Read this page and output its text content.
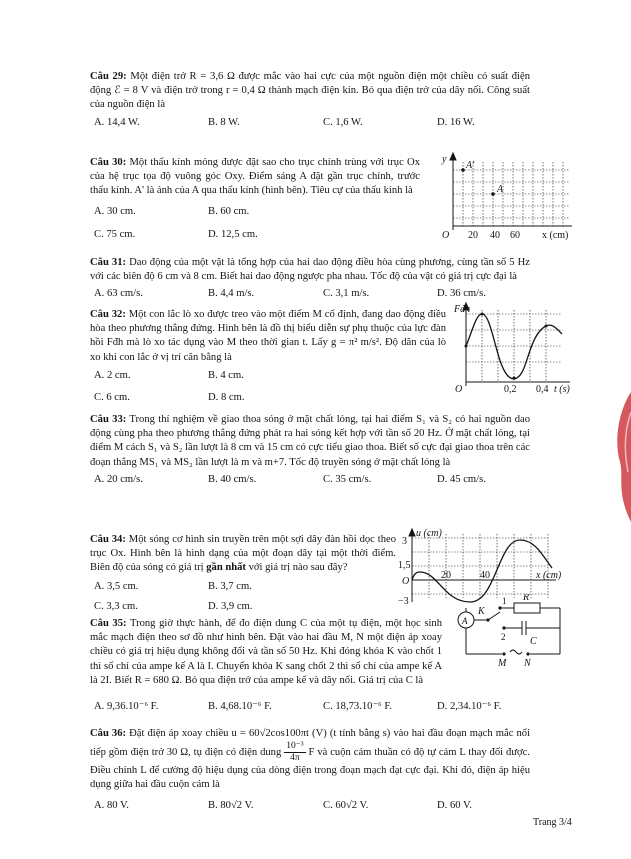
Câu 29: Một điện trở R = 3,6 Ω được mắc vào hai cực của một nguồn điện một chiều có suất điện động ℰ = 8 V và điện trở trong r = 0,4 Ω thành mạch điện kín. Bỏ qua điện trở của dây nối. Công suất của nguồn điện là

A. 14,4 W.	B. 8 W.	C. 1,6 W.	D. 16 W.

Câu 30: Một thấu kính mỏng được đặt sao cho trục chính trùng với trục Ox của hệ trục tọa độ vuông góc Oxy. Điểm sáng A đặt gần trục chính, trước thấu kính. A' là ảnh của A qua thấu kính (hình bên). Tiêu cự của thấu kính là

A. 30 cm.	B. 60 cm.
C. 75 cm.	D. 12,5 cm.
y
A'
A
O 20 40 60 x (cm)

Câu 31: Dao động của một vật là tổng hợp của hai dao động điều hòa cùng phương, cùng tần số 5 Hz với các biên độ 6 cm và 8 cm. Biết hai dao động ngược pha nhau. Tốc độ của vật có giá trị cực đại là

A. 63 cm/s.	B. 4,4 m/s.	C. 3,1 m/s.	D. 36 cm/s.

Câu 32: Một con lắc lò xo được treo vào một điểm M cố định, đang dao động điều hòa theo phương thẳng đứng. Hình bên là đồ thị biểu diễn sự phụ thuộc của lực đàn hồi Fđh mà lò xo tác dụng vào M theo thời gian t. Lấy g = π² m/s². Độ dãn của lò xo khi con lắc ở vị trí cân bằng là

A. 2 cm.	B. 4 cm.
C. 6 cm.	D. 8 cm.
Fđh
O	0,2 0,4 t (s)

Câu 33: Trong thí nghiệm về giao thoa sóng ở mặt chất lỏng, tại hai điểm S₁ và S₂ có hai nguồn dao động cùng pha theo phương thẳng đứng phát ra hai sóng kết hợp với tần số 20 Hz. Ở mặt chất lỏng, tại điểm M cách S₁ và S₂ lần lượt là 8 cm và 15 cm có cực tiểu giao thoa. Biết số cực đại giao thoa trên các đoạn thẳng MS₁ và MS₂ lần lượt là m và m+7. Tốc độ truyền sóng ở mặt chất lỏng là

A. 20 cm/s.	B. 40 cm/s.	C. 35 cm/s.	D. 45 cm/s.

Câu 34: Một sóng cơ hình sin truyền trên một sợi dây đàn hồi dọc theo trục Ox. Hình bên là hình dạng của một đoạn dây tại một thời điểm. Biên độ của sóng có giá trị gần nhất với giá trị nào sau đây?

A. 3,5 cm.	B. 3,7 cm.
C. 3,3 cm.	D. 3,9 cm.
u (cm)
3
1,5
−3
O
20	40	x (cm)

Câu 35: Trong giờ thực hành, để đo điện dung C của một tụ điện, một học sinh mắc mạch điện theo sơ đồ như hình bên. Đặt vào hai đầu M, N một điện áp xoay chiều có giá trị hiệu dụng không đổi và tần số 50 Hz. Khi đóng khóa K vào chốt 1 thì số chỉ của ampe kế A là I. Chuyển khóa K sang chốt 2 thì số chỉ của ampe kế A là 2I. Biết R = 680 Ω. Bỏ qua điện trở của ampe kế và dây nối. Giá trị của C là

A. 9,36.10⁻⁶ F.	B. 4,68.10⁻⁶ F.	C. 18,73.10⁻⁶ F.	D. 2,34.10⁻⁶ F.
A
K
1
2
R
C
M N

Câu 36: Đặt điện áp xoay chiều u = 60√2cos100πt (V) (t tính bằng s) vào hai đầu đoạn mạch mắc nối tiếp gồm điện trở 30 Ω, tụ điện có điện dung $\frac{\text{10⁻³}}{4\pi}$ F và cuộn cảm thuần có độ tự cảm L thay đổi được. Điều chỉnh L để cường độ hiệu dụng của dòng điện trong đoạn mạch đạt cực đại. Khi đó, điện áp hiệu dụng giữa hai đầu cuộn cảm là

A. 80 V.	B. 80√2 V.	C. 60√2 V.	D. 60 V.
Trang 3/4
